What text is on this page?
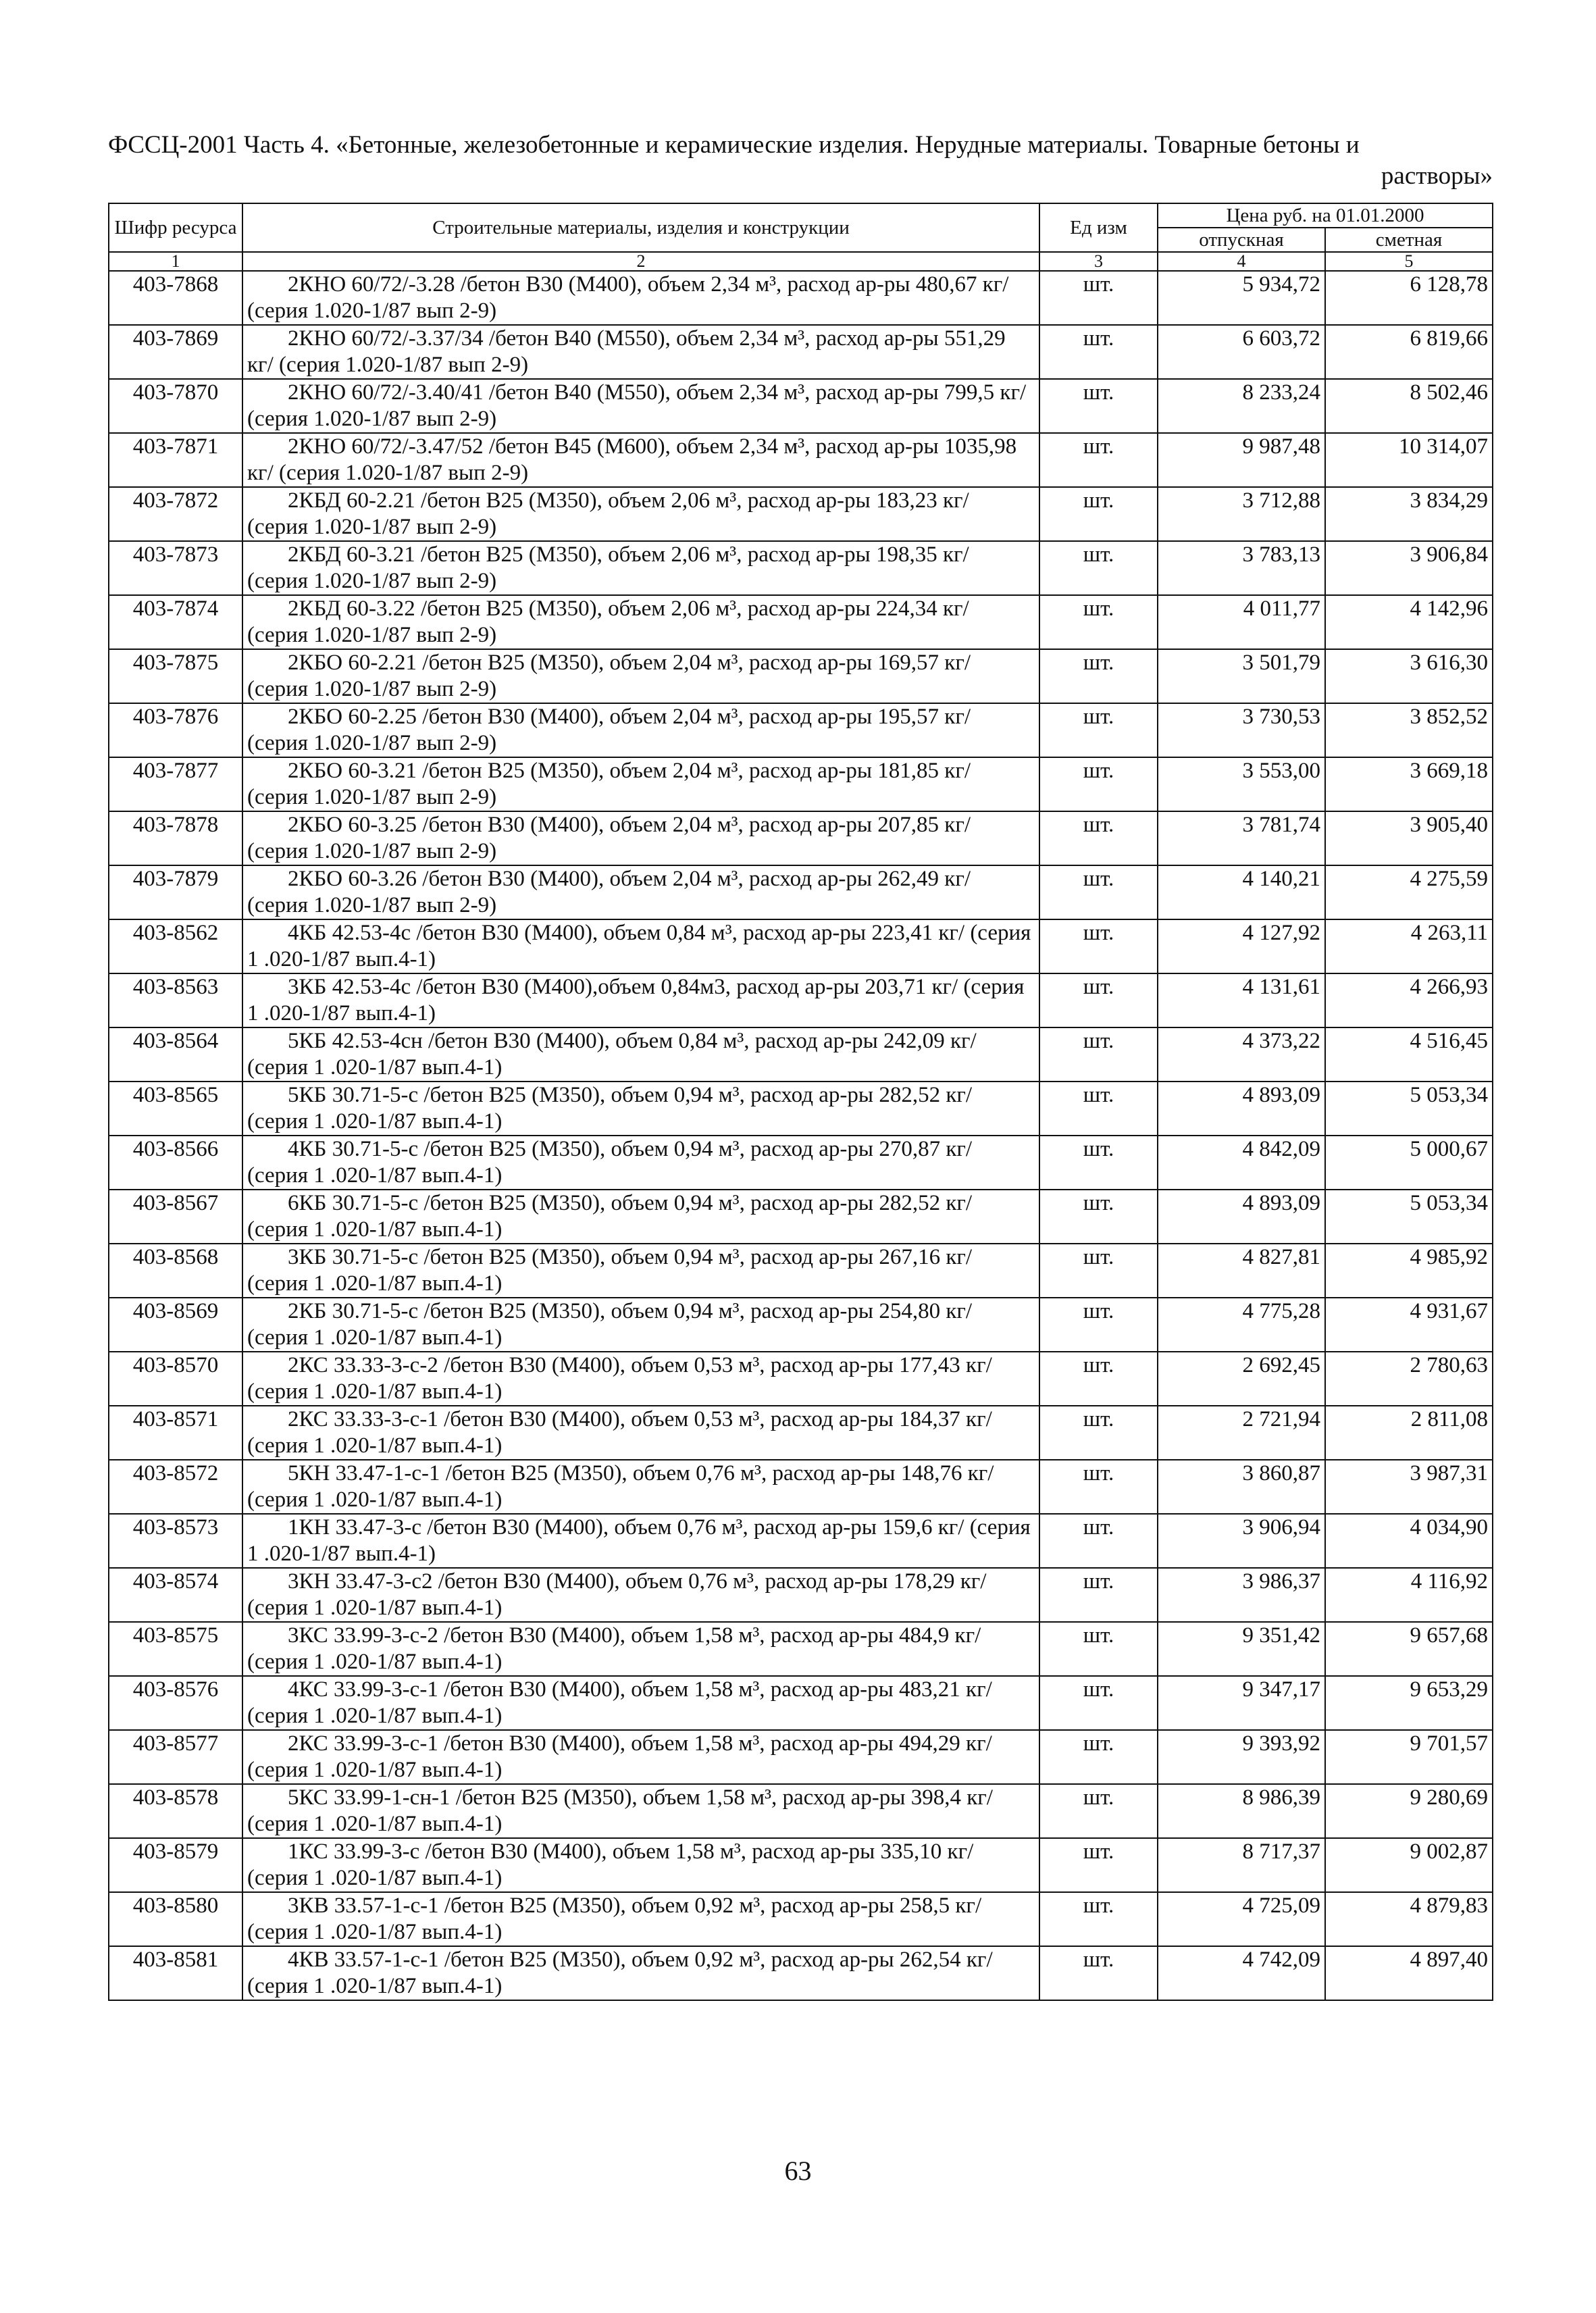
ФССЦ-2001 Часть 4. «Бетонные, железобетонные и керамические изделия. Нерудные материалы. Товарные бетоны и
растворы»
Шифр ресурса	Строительные материалы, изделия и конструкции	Ед изм	Цена руб. на 01.01.2000	
			отпускная	сметная
1	2	3	4	5
403-7868	2КНО 60/72/-3.28 /бетон В30 (М400), объем 2,34 м³, расход ар-ры 480,67 кг/ (серия 1.020-1/87 вып 2-9)	шт.	5 934,72	6 128,78
403-7869	2КНО 60/72/-3.37/34 /бетон В40 (М550), объем 2,34 м³, расход ар-ры 551,29 кг/ (серия 1.020-1/87 вып 2-9)	шт.	6 603,72	6 819,66
403-7870	2КНО 60/72/-3.40/41 /бетон В40 (М550), объем 2,34 м³, расход ар-ры 799,5 кг/ (серия 1.020-1/87 вып 2-9)	шт.	8 233,24	8 502,46
403-7871	2КНО 60/72/-3.47/52 /бетон В45 (М600), объем 2,34 м³, расход ар-ры 1035,98 кг/ (серия 1.020-1/87 вып 2-9)	шт.	9 987,48	10 314,07
403-7872	2КБД 60-2.21 /бетон В25 (М350), объем 2,06 м³, расход ар-ры 183,23 кг/ (серия 1.020-1/87 вып 2-9)	шт.	3 712,88	3 834,29
403-7873	2КБД 60-3.21 /бетон В25 (М350), объем 2,06 м³, расход ар-ры 198,35 кг/ (серия 1.020-1/87 вып 2-9)	шт.	3 783,13	3 906,84
403-7874	2КБД 60-3.22 /бетон В25 (М350), объем 2,06 м³, расход ар-ры 224,34 кг/ (серия 1.020-1/87 вып 2-9)	шт.	4 011,77	4 142,96
403-7875	2КБО 60-2.21 /бетон В25 (М350), объем 2,04 м³, расход ар-ры 169,57 кг/ (серия 1.020-1/87 вып 2-9)	шт.	3 501,79	3 616,30
403-7876	2КБО 60-2.25 /бетон В30 (М400), объем 2,04 м³, расход ар-ры 195,57 кг/ (серия 1.020-1/87 вып 2-9)	шт.	3 730,53	3 852,52
403-7877	2КБО 60-3.21 /бетон В25 (М350), объем 2,04 м³, расход ар-ры 181,85 кг/ (серия 1.020-1/87 вып 2-9)	шт.	3 553,00	3 669,18
403-7878	2КБО 60-3.25 /бетон В30 (М400), объем 2,04 м³, расход ар-ры 207,85 кг/ (серия 1.020-1/87 вып 2-9)	шт.	3 781,74	3 905,40
403-7879	2КБО 60-3.26 /бетон В30 (М400), объем 2,04 м³, расход ар-ры 262,49 кг/ (серия 1.020-1/87 вып 2-9)	шт.	4 140,21	4 275,59
403-8562	4КБ 42.53-4с /бетон В30 (М400), объем 0,84 м³, расход ар-ры 223,41 кг/ (серия 1 .020-1/87 вып.4-1)	шт.	4 127,92	4 263,11
403-8563	3КБ 42.53-4с /бетон В30 (М400),объем 0,84м3, расход ар-ры 203,71 кг/ (серия 1 .020-1/87 вып.4-1)	шт.	4 131,61	4 266,93
403-8564	5КБ 42.53-4сн /бетон В30 (М400), объем 0,84 м³, расход ар-ры 242,09 кг/ (серия 1 .020-1/87 вып.4-1)	шт.	4 373,22	4 516,45
403-8565	5КБ 30.71-5-с /бетон В25 (М350), объем 0,94 м³, расход ар-ры 282,52 кг/ (серия 1 .020-1/87 вып.4-1)	шт.	4 893,09	5 053,34
403-8566	4КБ 30.71-5-с /бетон В25 (М350), объем 0,94 м³, расход ар-ры 270,87 кг/ (серия 1 .020-1/87 вып.4-1)	шт.	4 842,09	5 000,67
403-8567	6КБ 30.71-5-с /бетон В25 (М350), объем 0,94 м³, расход ар-ры 282,52 кг/ (серия 1 .020-1/87 вып.4-1)	шт.	4 893,09	5 053,34
403-8568	3КБ 30.71-5-с /бетон В25 (М350), объем 0,94 м³, расход ар-ры 267,16 кг/ (серия 1 .020-1/87 вып.4-1)	шт.	4 827,81	4 985,92
403-8569	2КБ 30.71-5-с /бетон В25 (М350), объем 0,94 м³, расход ар-ры 254,80 кг/ (серия 1 .020-1/87 вып.4-1)	шт.	4 775,28	4 931,67
403-8570	2КС 33.33-3-с-2 /бетон В30 (М400), объем 0,53 м³, расход ар-ры 177,43 кг/ (серия 1 .020-1/87 вып.4-1)	шт.	2 692,45	2 780,63
403-8571	2КС 33.33-3-с-1 /бетон В30 (М400), объем 0,53 м³, расход ар-ры 184,37 кг/ (серия 1 .020-1/87 вып.4-1)	шт.	2 721,94	2 811,08
403-8572	5КН 33.47-1-с-1 /бетон В25 (М350), объем 0,76 м³, расход ар-ры 148,76 кг/ (серия 1 .020-1/87 вып.4-1)	шт.	3 860,87	3 987,31
403-8573	1КН 33.47-3-с /бетон В30 (М400), объем 0,76 м³, расход ар-ры 159,6 кг/ (серия 1 .020-1/87 вып.4-1)	шт.	3 906,94	4 034,90
403-8574	3КН 33.47-3-с2 /бетон В30 (М400), объем 0,76 м³, расход ар-ры 178,29 кг/ (серия 1 .020-1/87 вып.4-1)	шт.	3 986,37	4 116,92
403-8575	3КС 33.99-3-с-2 /бетон В30 (М400), объем 1,58 м³, расход ар-ры 484,9 кг/ (серия 1 .020-1/87 вып.4-1)	шт.	9 351,42	9 657,68
403-8576	4КС 33.99-3-с-1 /бетон В30 (М400), объем 1,58 м³, расход ар-ры 483,21 кг/ (серия 1 .020-1/87 вып.4-1)	шт.	9 347,17	9 653,29
403-8577	2КС 33.99-3-с-1 /бетон В30 (М400), объем 1,58 м³, расход ар-ры 494,29 кг/ (серия 1 .020-1/87 вып.4-1)	шт.	9 393,92	9 701,57
403-8578	5КС 33.99-1-сн-1 /бетон В25 (М350), объем 1,58 м³, расход ар-ры 398,4 кг/ (серия 1 .020-1/87 вып.4-1)	шт.	8 986,39	9 280,69
403-8579	1КС 33.99-3-с /бетон В30 (М400), объем 1,58 м³, расход ар-ры 335,10 кг/ (серия 1 .020-1/87 вып.4-1)	шт.	8 717,37	9 002,87
403-8580	3КВ 33.57-1-с-1 /бетон В25 (М350), объем 0,92 м³, расход ар-ры 258,5 кг/ (серия 1 .020-1/87 вып.4-1)	шт.	4 725,09	4 879,83
403-8581	4КВ 33.57-1-с-1 /бетон В25 (М350), объем 0,92 м³, расход ар-ры 262,54 кг/ (серия 1 .020-1/87 вып.4-1)	шт.	4 742,09	4 897,40
63
